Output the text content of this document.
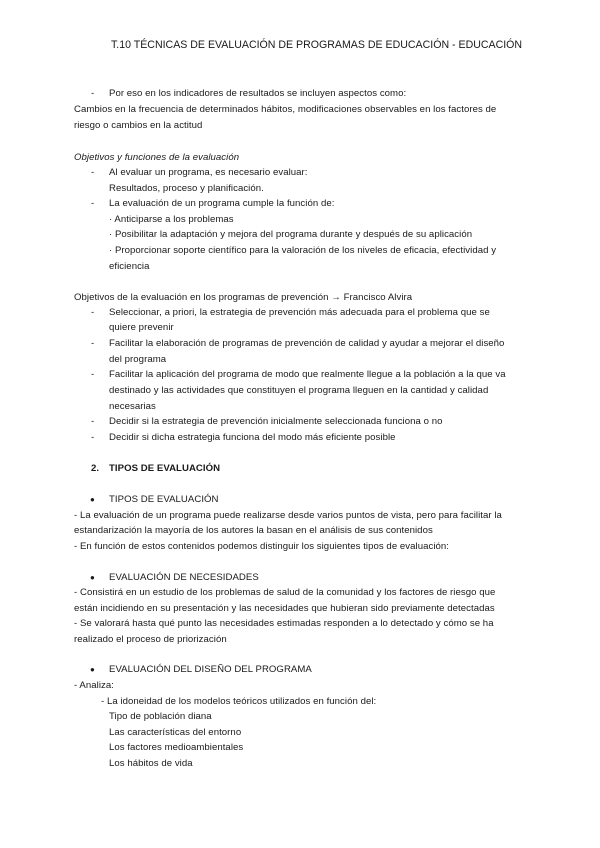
T.10 TÉCNICAS DE EVALUACIÓN DE PROGRAMAS DE EDUCACIÓN - EDUCACIÓN
- Por eso en los indicadores de resultados se incluyen aspectos como:
Cambios en la frecuencia de determinados hábitos, modificaciones observables en los factores de
riesgo o cambios en la actitud
Objetivos y funciones de la evaluación
- Al evaluar un programa, es necesario evaluar:
Resultados, proceso y planificación.
- La evaluación de un programa cumple la función de:
· Anticiparse a los problemas
· Posibilitar la adaptación y mejora del programa durante y después de su aplicación
· Proporcionar soporte científico para la valoración de los niveles de eficacia, efectividad y
eficiencia
Objetivos de la evaluación en los programas de prevención → Francisco Alvira
- Seleccionar, a priori, la estrategia de prevención más adecuada para el problema que se
quiere prevenir
- Facilitar la elaboración de programas de prevención de calidad y ayudar a mejorar el diseño
del programa
- Facilitar la aplicación del programa de modo que realmente llegue a la población a la que va
destinado y las actividades que constituyen el programa lleguen en la cantidad y calidad
necesarias
- Decidir si la estrategia de prevención inicialmente seleccionada funciona o no
- Decidir si dicha estrategia funciona del modo más eficiente posible
2. TIPOS DE EVALUACIÓN
● TIPOS DE EVALUACIÓN
- La evaluación de un programa puede realizarse desde varios puntos de vista, pero para facilitar la
estandarización la mayoría de los autores la basan en el análisis de sus contenidos
- En función de estos contenidos podemos distinguir los siguientes tipos de evaluación:
● EVALUACIÓN DE NECESIDADES
- Consistirá en un estudio de los problemas de salud de la comunidad y los factores de riesgo que
están incidiendo en su presentación y las necesidades que hubieran sido previamente detectadas
- Se valorará hasta qué punto las necesidades estimadas responden a lo detectado y cómo se ha
realizado el proceso de priorización
● EVALUACIÓN DEL DISEÑO DEL PROGRAMA
- Analiza:
- La idoneidad de los modelos teóricos utilizados en función del:
Tipo de población diana
Las características del entorno
Los factores medioambientales
Los hábitos de vida
